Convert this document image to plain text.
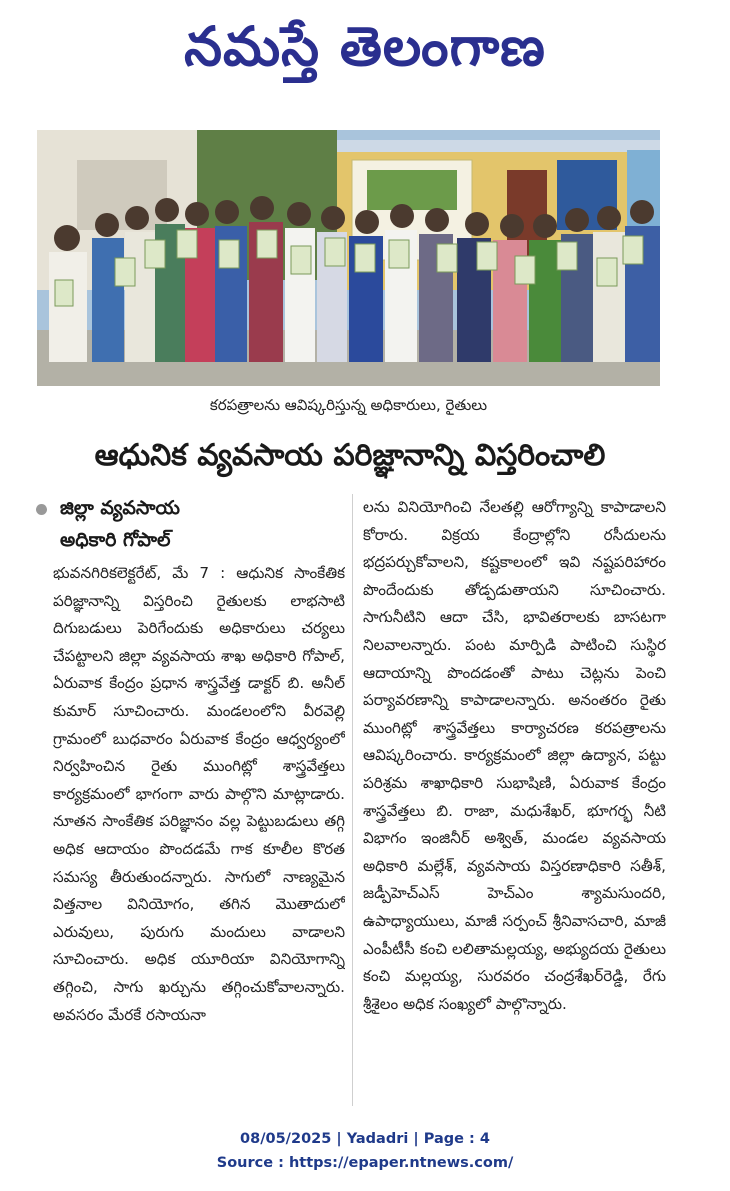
నమస్తే తెలంగాణ
కరపత్రాలను ఆవిష్కరిస్తున్న అధికారులు, రైతులు
ఆధునిక వ్యవసాయ పరిజ్ఞానాన్ని విస్తరించాలి
జిల్లా వ్యవసాయ
అధికారి గోపాల్

భువనగిరికలెక్టరేట్, మే 7 : ఆధునిక సాంకేతిక పరిజ్ఞానాన్ని విస్తరించి రైతులకు లాభసాటి దిగుబడులు పెరిగేందుకు అధికారులు చర్యలు చేపట్టాలని జిల్లా వ్యవసాయ శాఖ అధికారి గోపాల్, ఏరువాక కేంద్రం ప్రధాన శాస్త్రవేత్త డాక్టర్ బి. అనీల్ కుమార్ సూచించారు. మండలంలోని వీరవెల్లి గ్రామంలో బుధవారం ఏరువాక కేంద్రం ఆధ్వర్యంలో నిర్వహించిన రైతు ముంగిట్లో శాస్త్రవేత్తలు కార్యక్రమంలో భాగంగా వారు పాల్గొని మాట్లాడారు. నూతన సాంకేతిక పరిజ్ఞానం వల్ల పెట్టుబడులు తగ్గి అధిక ఆదాయం పొందడమే గాక కూలీల కొరత సమస్య తీరుతుందన్నారు. సాగులో నాణ్యమైన విత్తనాల వినియోగం, తగిన మొతాదులో ఎరువులు, పురుగు మందులు వాడాలని సూచించారు. అధిక యూరియా వినియోగాన్ని తగ్గించి, సాగు ఖర్చును తగ్గించుకోవాలన్నారు. అవసరం మేరకే రసాయనా

లను వినియోగించి నేలతల్లి ఆరోగ్యాన్ని కాపాడాలని కోరారు. విక్రయ కేంద్రాల్లోని రసీదులను భద్రపర్చుకోవాలని, కష్టకాలంలో ఇవి నష్టపరిహారం పొందేందుకు తోడ్పడుతాయని సూచించారు. సాగునీటిని ఆదా చేసి, భావితరాలకు బాసటగా నిలవాలన్నారు. పంట మార్పిడి పాటించి సుస్థిర ఆదాయాన్ని పొందడంతో పాటు చెట్లను పెంచి పర్యావరణాన్ని కాపాడాలన్నారు. అనంతరం రైతు ముంగిట్లో శాస్త్రవేత్తలు కార్యాచరణ కరపత్రాలను ఆవిష్కరించారు. కార్యక్రమంలో జిల్లా ఉద్యాన, పట్టు పరిశ్రమ శాఖాధికారి సుభాషిణి, ఏరువాక కేంద్రం శాస్త్రవేత్తలు బి. రాజా, మధుశేఖర్, భూగర్భ నీటి విభాగం ఇంజినీర్ అశ్విత్, మండల వ్యవసాయ అధికారి మల్లేశ్, వ్యవసాయ విస్తరణాధికారి సతీశ్, జడ్పీహెచ్ఎస్ హెచ్ఎం శ్యామసుందరి, ఉపాధ్యాయులు, మాజీ సర్పంచ్ శ్రీనివాసచారి, మాజీ ఎంపీటీసీ కంచి లలితామల్లయ్య, అభ్యుదయ రైతులు కంచి మల్లయ్య, సురవరం చంద్రశేఖర్‌రెడ్డి, రేగు శ్రీశైలం అధిక సంఖ్యలో పాల్గొన్నారు.

08/05/2025 | Yadadri | Page : 4
Source : https://epaper.ntnews.com/
